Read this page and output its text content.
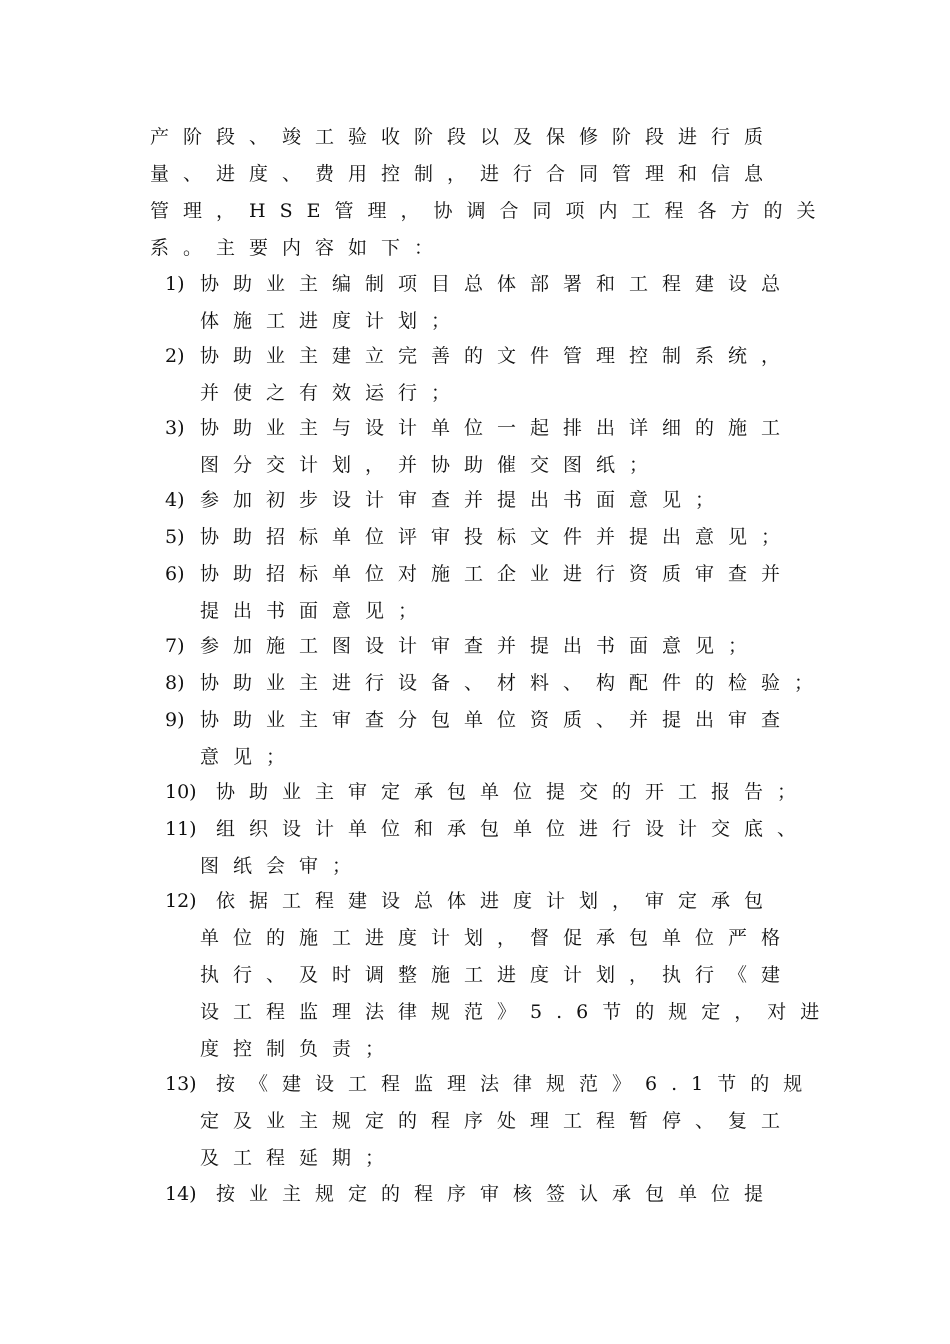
产阶段、竣工验收阶段以及保修阶段进行质
量、进度、费用控制，进行合同管理和信息
管理，HSE管理，协调合同项内工程各方的关
系。主要内容如下：
1) 协助业主编制项目总体部署和工程建设总
体施工进度计划；
2) 协助业主建立完善的文件管理控制系统，
并使之有效运行；
3) 协助业主与设计单位一起排出详细的施工
图分交计划，并协助催交图纸；
4) 参加初步设计审查并提出书面意见；
5) 协助招标单位评审投标文件并提出意见；
6) 协助招标单位对施工企业进行资质审查并
提出书面意见；
7) 参加施工图设计审查并提出书面意见；
8) 协助业主进行设备、材料、构配件的检验；
9) 协助业主审查分包单位资质、并提出审查
意见；
10) 协助业主审定承包单位提交的开工报告；
11) 组织设计单位和承包单位进行设计交底、
图纸会审；
12) 依据工程建设总体进度计划，审定承包
单位的施工进度计划，督促承包单位严格
执行、及时调整施工进度计划，执行《建
设工程监理法律规范》5.6节的规定，对进
度控制负责；
13) 按《建设工程监理法律规范》6.1节的规
定及业主规定的程序处理工程暂停、复工
及工程延期；
14) 按业主规定的程序审核签认承包单位提
